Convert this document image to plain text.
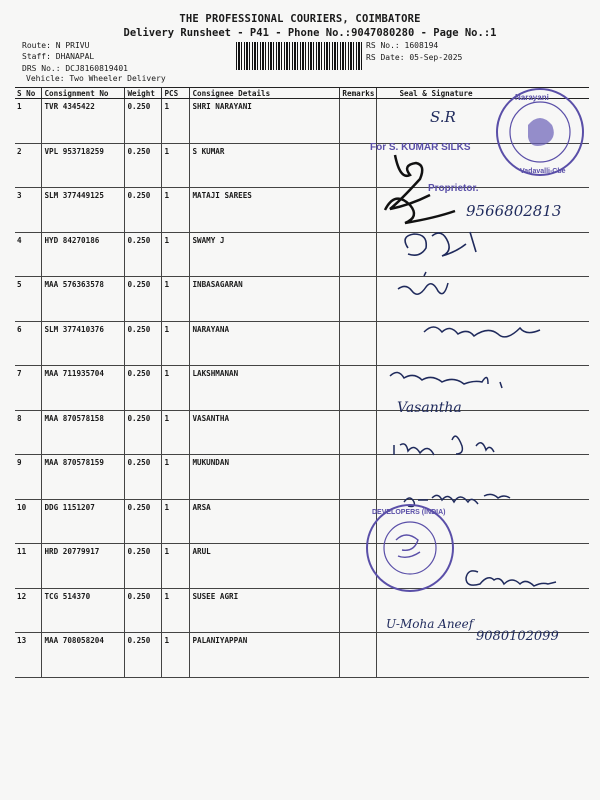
THE PROFESSIONAL COURIERS, COIMBATORE
Delivery Runsheet - P41 - Phone No.:9047080280 - Page No.:1
Route: N PRIVU
Staff: DHANAPAL
DRS No.: DCJ8160819401
Vehicle: Two Wheeler Delivery
RS No.: 1608194
RS Date: 05-Sep-2025
S No	Consignment No	Weight	PCS	Consignee Details	Remarks	Seal & Signature
1	TVR 4345422	0.250	1	SHRI NARAYANI		
2	VPL 953718259	0.250	1	S KUMAR		
3	SLM 377449125	0.250	1	MATAJI SAREES		
4	HYD 84270186	0.250	1	SWAMY J		
5	MAA 576363578	0.250	1	INBASAGARAN		
6	SLM 377410376	0.250	1	NARAYANA		
7	MAA 711935704	0.250	1	LAKSHMANAN		
8	MAA 870578158	0.250	1	VASANTHA		
9	MAA 870578159	0.250	1	MUKUNDAN		
10	DDG 1151207	0.250	1	ARSA		
11	HRD 20779917	0.250	1	ARUL		
12	TCG 514370	0.250	1	SUSEE AGRI		
13	MAA 708058204	0.250	1	PALANIYAPPAN		
S.R
Narayani
Vadavalli-Cbe
For S. KUMAR SILKS
Proprietor.
9566802813
Vasantha
DEVELOPERS (INDIA)
U-Moha Aneef
9080102099
